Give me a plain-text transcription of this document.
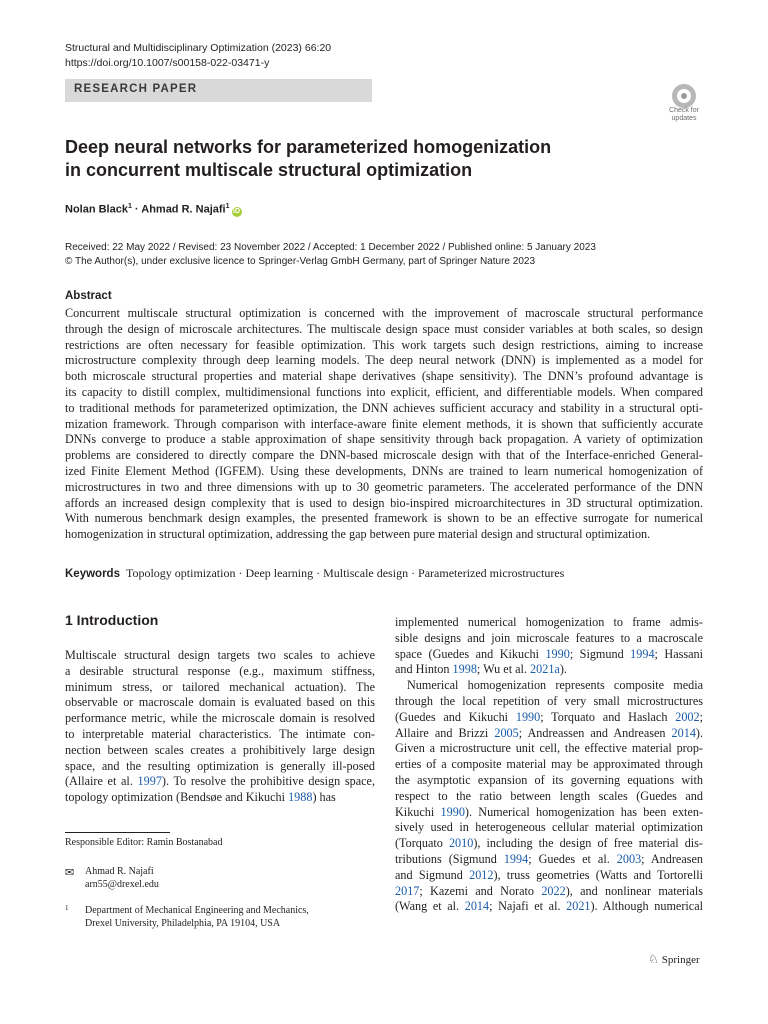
Structural and Multidisciplinary Optimization (2023) 66:20
https://doi.org/10.1007/s00158-022-03471-y
RESEARCH PAPER
Check for
updates
Deep neural networks for parameterized homogenization
in concurrent multiscale structural optimization
Nolan Black$^1$ · Ahmad R. Najafi$^1$iD
Received: 22 May 2022 / Revised: 23 November 2022 / Accepted: 1 December 2022 / Published online: 5 January 2023
© The Author(s), under exclusive licence to Springer-Verlag GmbH Germany, part of Springer Nature 2023
Abstract
Concurrent multiscale structural optimization is concerned with the improvement of macroscale structural performance
through the design of microscale architectures. The multiscale design space must consider variables at both scales, so design
restrictions are often necessary for feasible optimization. This work targets such design restrictions, aiming to increase
microstructure complexity through deep learning models. The deep neural network (DNN) is implemented as a model for
both microscale structural properties and material shape derivatives (shape sensitivity). The DNN’s profound advantage is
its capacity to distill complex, multidimensional functions into explicit, efficient, and differentiable models. When compared
to traditional methods for parameterized optimization, the DNN achieves sufficient accuracy and stability in a structural opti-
mization framework. Through comparison with interface-aware finite element methods, it is shown that sufficiently accurate
DNNs converge to produce a stable approximation of shape sensitivity through back propagation. A variety of optimization
problems are considered to directly compare the DNN-based microscale design with that of the Interface-enriched General-
ized Finite Element Method (IGFEM). Using these developments, DNNs are trained to learn numerical homogenization of
microstructures in two and three dimensions with up to 30 geometric parameters. The accelerated performance of the DNN
affords an increased design complexity that is used to design bio-inspired microarchitectures in 3D structural optimization.
With numerous benchmark design examples, the presented framework is shown to be an effective surrogate for numerical
homogenization in structural optimization, addressing the gap between pure material design and structural optimization.
Keywords Topology optimization · Deep learning · Multiscale design · Parameterized microstructures
1 Introduction
Multiscale structural design targets two scales to achieve
a desirable structural response (e.g., maximum stiffness,
minimum stress, or tailored mechanical actuation). The
observable or macroscale domain is evaluated based on this
performance metric, while the microscale domain is resolved
to interpretable material characteristics. The intimate con-
nection between scales creates a prohibitively large design
space, and the resulting optimization is generally ill-posed
(Allaire et al. 1997). To resolve the prohibitive design space,
topology optimization (Bendsøe and Kikuchi 1988) has
implemented numerical homogenization to frame admis-
sible designs and join microscale features to a macroscale
space (Guedes and Kikuchi 1990; Sigmund 1994; Hassani
and Hinton 1998; Wu et al. 2021a).
Numerical homogenization represents composite media
through the local repetition of very small microstructures
(Guedes and Kikuchi 1990; Torquato and Haslach 2002;
Allaire and Brizzi 2005; Andreassen and Andreasen 2014).
Given a microstructure unit cell, the effective material prop-
erties of a composite material may be approximated through
the asymptotic expansion of its governing equations with
respect to the ratio between length scales (Guedes and
Kikuchi 1990). Numerical homogenization has been exten-
sively used in heterogeneous cellular material optimization
(Torquato 2010), including the design of free material dis-
tributions (Sigmund 1994; Guedes et al. 2003; Andreasen
and Sigmund 2012), truss geometries (Watts and Tortorelli
2017; Kazemi and Norato 2022), and nonlinear materials
(Wang et al. 2014; Najafi et al. 2021). Although numerical
Responsible Editor: Ramin Bostanabad
✉ Ahmad R. Najafi
arn55@drexel.edu
1 Department of Mechanical Engineering and Mechanics,
Drexel University, Philadelphia, PA 19104, USA
♘ Springer
